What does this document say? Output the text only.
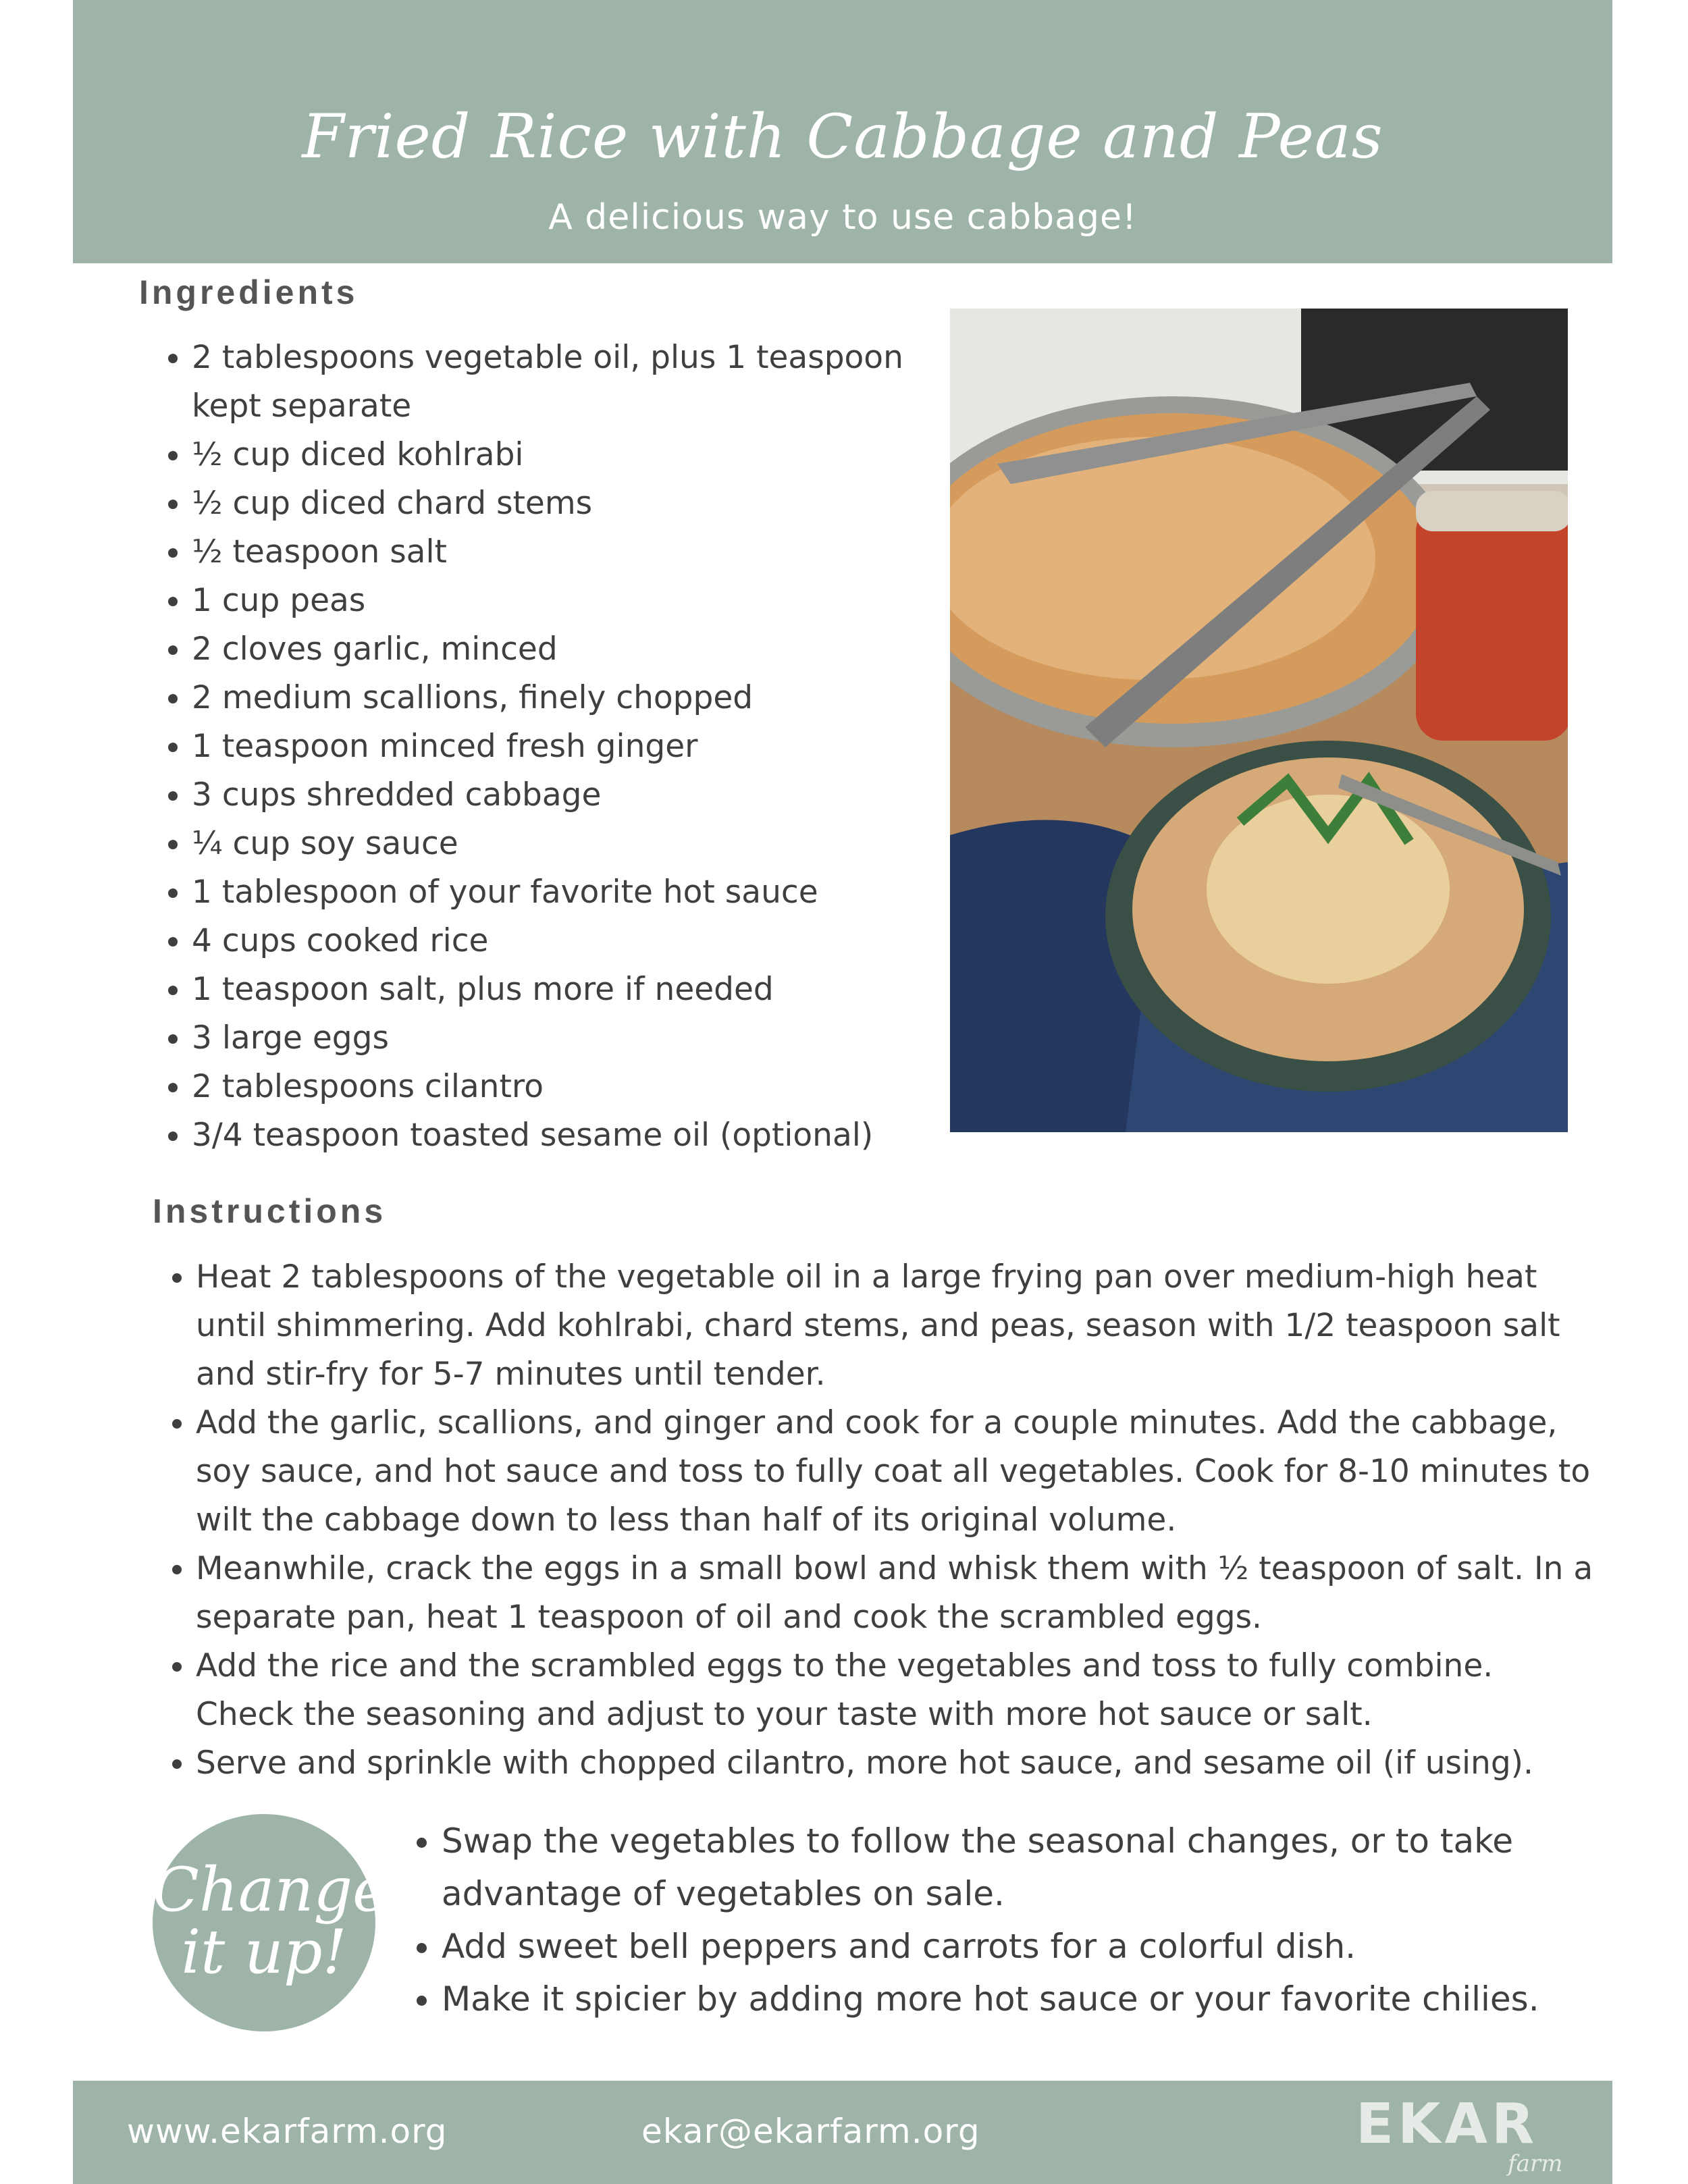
Fried Rice with Cabbage and Peas
A delicious way to use cabbage!
Ingredients
• 2 tablespoons vegetable oil, plus 1 teaspoon kept separate
• ½ cup diced kohlrabi
• ½ cup diced chard stems
• ½ teaspoon salt
• 1 cup peas
• 2 cloves garlic, minced
• 2 medium scallions, finely chopped
• 1 teaspoon minced fresh ginger
• 3 cups shredded cabbage
• ¼ cup soy sauce
• 1 tablespoon of your favorite hot sauce
• 4 cups cooked rice
• 1 teaspoon salt, plus more if needed
• 3 large eggs
• 2 tablespoons cilantro
• 3/4 teaspoon toasted sesame oil (optional)
Instructions
• Heat 2 tablespoons of the vegetable oil in a large frying pan over medium-high heat until shimmering. Add kohlrabi, chard stems, and peas, season with 1/2 teaspoon salt and stir-fry for 5-7 minutes until tender.
• Add the garlic, scallions, and ginger and cook for a couple minutes. Add the cabbage, soy sauce, and hot sauce and toss to fully coat all vegetables. Cook for 8-10 minutes to wilt the cabbage down to less than half of its original volume.
• Meanwhile, crack the eggs in a small bowl and whisk them with ½ teaspoon of salt. In a separate pan, heat 1 teaspoon of oil and cook the scrambled eggs.
• Add the rice and the scrambled eggs to the vegetables and toss to fully combine. Check the seasoning and adjust to your taste with more hot sauce or salt.
• Serve and sprinkle with chopped cilantro, more hot sauce, and sesame oil (if using).
Change
it up!
• Swap the vegetables to follow the seasonal changes, or to take advantage of vegetables on sale.
• Add sweet bell peppers and carrots for a colorful dish.
• Make it spicier by adding more hot sauce or your favorite chilies.
www.ekarfarm.org	ekar@ekarfarm.org	EKAR
farm
